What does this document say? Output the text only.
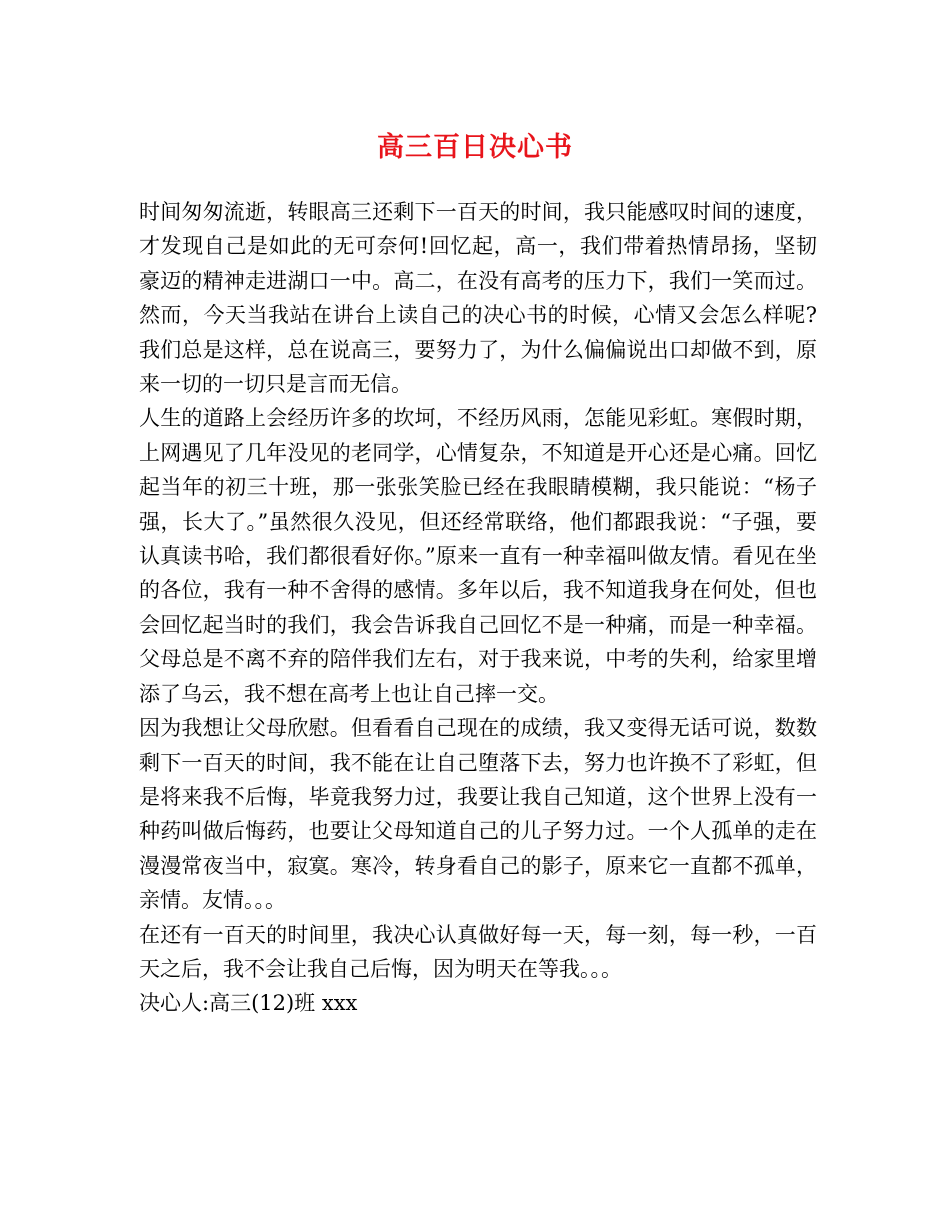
高三百日决心书

时间匆匆流逝，转眼高三还剩下一百天的时间，我只能感叹时间的速度，才发现自己是如此的无可奈何!回忆起，高一，我们带着热情昂扬，坚韧豪迈的精神走进湖口一中。高二，在没有高考的压力下，我们一笑而过。然而，今天当我站在讲台上读自己的决心书的时候，心情又会怎么样呢?我们总是这样，总在说高三，要努力了，为什么偏偏说出口却做不到，原来一切的一切只是言而无信。

人生的道路上会经历许多的坎坷，不经历风雨，怎能见彩虹。寒假时期，上网遇见了几年没见的老同学，心情复杂，不知道是开心还是心痛。回忆起当年的初三十班，那一张张笑脸已经在我眼睛模糊，我只能说：“杨子强，长大了。”虽然很久没见，但还经常联络，他们都跟我说：“子强，要认真读书哈，我们都很看好你。”原来一直有一种幸福叫做友情。看见在坐的各位，我有一种不舍得的感情。多年以后，我不知道我身在何处，但也会回忆起当时的我们，我会告诉我自己回忆不是一种痛，而是一种幸福。父母总是不离不弃的陪伴我们左右，对于我来说，中考的失利，给家里增添了乌云，我不想在高考上也让自己摔一交。

因为我想让父母欣慰。但看看自己现在的成绩，我又变得无话可说，数数剩下一百天的时间，我不能在让自己堕落下去，努力也许换不了彩虹，但是将来我不后悔，毕竟我努力过，我要让我自己知道，这个世界上没有一种药叫做后悔药，也要让父母知道自己的儿子努力过。一个人孤单的走在漫漫常夜当中，寂寞。寒冷，转身看自己的影子，原来它一直都不孤单，亲情。友情。。。

在还有一百天的时间里，我决心认真做好每一天，每一刻，每一秒，一百天之后，我不会让我自己后悔，因为明天在等我。。。

决心人:高三(12)班 xxx
